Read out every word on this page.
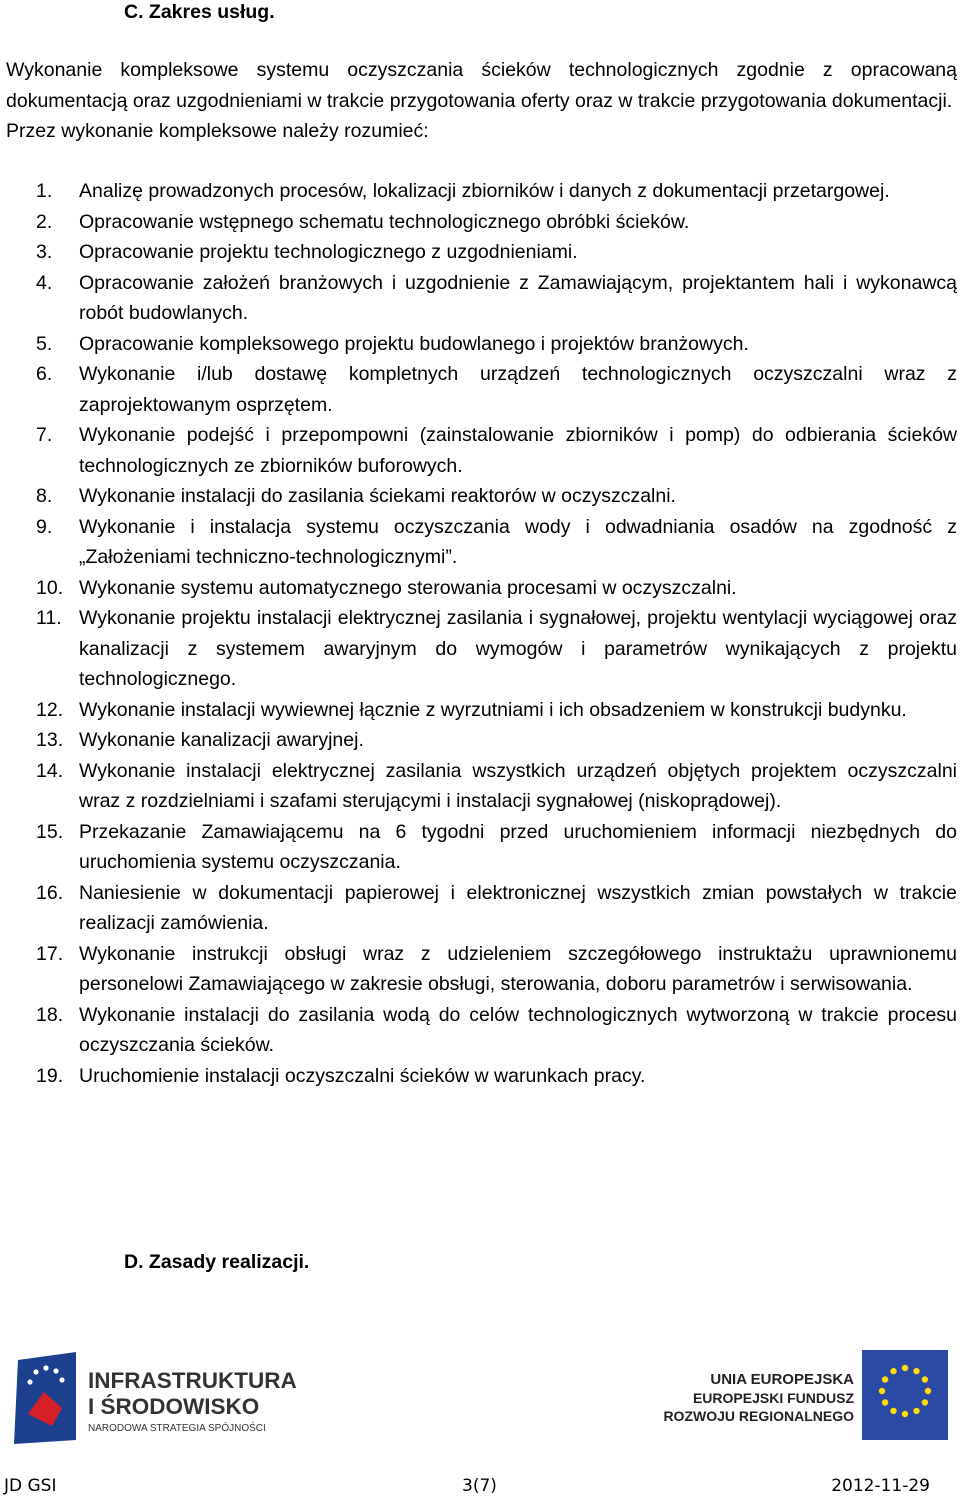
C. Zakres usług.

Wykonanie kompleksowe systemu oczyszczania ścieków technologicznych zgodnie z opracowaną dokumentacją oraz uzgodnieniami w trakcie przygotowania oferty oraz w trakcie przygotowania dokumentacji.

Przez wykonanie kompleksowe należy rozumieć:

1. Analizę prowadzonych procesów, lokalizacji zbiorników i danych z dokumentacji przetargowej.
2. Opracowanie wstępnego schematu technologicznego obróbki ścieków.
3. Opracowanie projektu technologicznego z uzgodnieniami.
4. Opracowanie założeń branżowych i uzgodnienie z Zamawiającym, projektantem hali i wykonawcą robót budowlanych.
5. Opracowanie kompleksowego projektu budowlanego i projektów branżowych.
6. Wykonanie i/lub dostawę kompletnych urządzeń technologicznych oczyszczalni wraz z zaprojektowanym osprzętem.
7. Wykonanie podejść i przepompowni (zainstalowanie zbiorników i pomp) do odbierania ścieków technologicznych ze zbiorników buforowych.
8. Wykonanie instalacji do zasilania ściekami reaktorów w oczyszczalni.
9. Wykonanie i instalacja systemu oczyszczania wody i odwadniania osadów na zgodność z „Założeniami techniczno-technologicznymi”.
10. Wykonanie systemu automatycznego sterowania procesami w oczyszczalni.
11. Wykonanie projektu instalacji elektrycznej zasilania i sygnałowej, projektu wentylacji wyciągowej oraz kanalizacji z systemem awaryjnym do wymogów i parametrów wynikających z projektu technologicznego.
12. Wykonanie instalacji wywiewnej łącznie z wyrzutniami i ich obsadzeniem w konstrukcji budynku.
13. Wykonanie kanalizacji awaryjnej.
14. Wykonanie instalacji elektrycznej zasilania wszystkich urządzeń objętych projektem oczyszczalni wraz z rozdzielniami i szafami sterującymi i instalacji sygnałowej (niskoprądowej).
15. Przekazanie Zamawiającemu na 6 tygodni przed uruchomieniem informacji niezbędnych do uruchomienia systemu oczyszczania.
16. Naniesienie w dokumentacji papierowej i elektronicznej wszystkich zmian powstałych w trakcie realizacji zamówienia.
17. Wykonanie instrukcji obsługi wraz z udzieleniem szczegółowego instruktażu uprawnionemu personelowi Zamawiającego w zakresie obsługi, sterowania, doboru parametrów i serwisowania.
18. Wykonanie instalacji do zasilania wodą do celów technologicznych wytworzoną w trakcie procesu oczyszczania ścieków.
19. Uruchomienie instalacji oczyszczalni ścieków w warunkach pracy.
D. Zasady realizacji.
INFRASTRUKTURA
I ŚRODOWISKO
NARODOWA STRATEGIA SPÓJNOŚCI
UNIA EUROPEJSKA
EUROPEJSKI FUNDUSZ
ROZWOJU REGIONALNEGO
JD GSI	3(7)	2012-11-29
